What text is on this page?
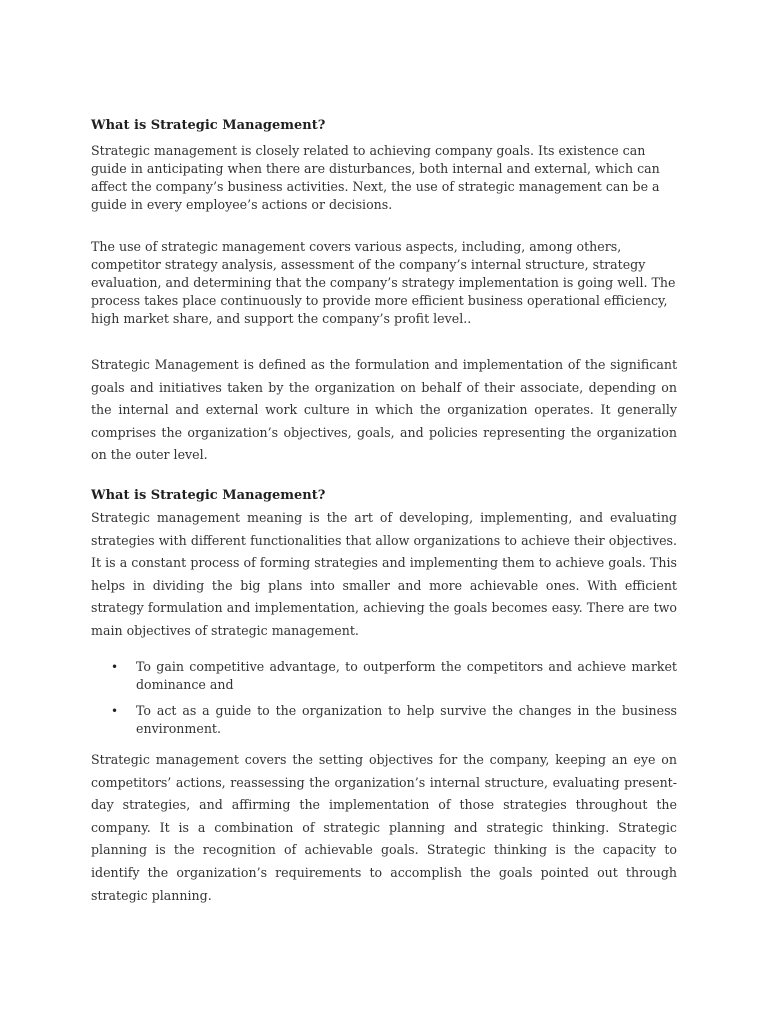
What is Strategic Management?

Strategic management is closely related to achieving company goals. Its existence can guide in anticipating when there are disturbances, both internal and external, which can affect the company’s business activities. Next, the use of strategic management can be a guide in every employee’s actions or decisions.

The use of strategic management covers various aspects, including, among others, competitor strategy analysis, assessment of the company’s internal structure, strategy evaluation, and determining that the company’s strategy implementation is going well. The process takes place continuously to provide more efficient business operational efficiency, high market share, and support the company’s profit level..

Strategic Management is defined as the formulation and implementation of the significant goals and initiatives taken by the organization on behalf of their associate, depending on the internal and external work culture in which the organization operates. It generally comprises the organization’s objectives, goals, and policies representing the organization on the outer level.

What is Strategic Management?

Strategic management meaning is the art of developing, implementing, and evaluating strategies with different functionalities that allow organizations to achieve their objectives. It is a constant process of forming strategies and implementing them to achieve goals. This helps in dividing the big plans into smaller and more achievable ones. With efficient strategy formulation and implementation, achieving the goals becomes easy. There are two main objectives of strategic management.

• To gain competitive advantage, to outperform the competitors and achieve market dominance and
• To act as a guide to the organization to help survive the changes in the business environment.

Strategic management covers the setting objectives for the company, keeping an eye on competitors’ actions, reassessing the organization’s internal structure, evaluating present-day strategies, and affirming the implementation of those strategies throughout the company. It is a combination of strategic planning and strategic thinking. Strategic planning is the recognition of achievable goals. Strategic thinking is the capacity to identify the organization’s requirements to accomplish the goals pointed out through strategic planning.
